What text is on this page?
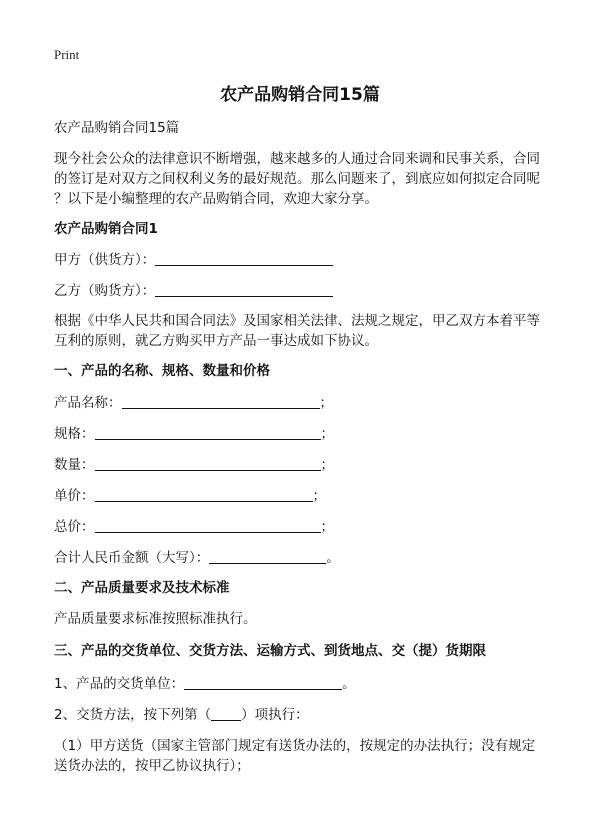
Print
农产品购销合同15篇
农产品购销合同15篇
现今社会公众的法律意识不断增强，越来越多的人通过合同来调和民事关系，合同
的签订是对双方之间权利义务的最好规范。那么问题来了，到底应如何拟定合同呢
？以下是小编整理的农产品购销合同，欢迎大家分享。
农产品购销合同1
甲方（供货方）：
乙方（购货方）：
根据《中华人民共和国合同法》及国家相关法律、法规之规定，甲乙双方本着平等
互利的原则，就乙方购买甲方产品一事达成如下协议。
一、产品的名称、规格、数量和价格
产品名称：	；
规格：	；
数量：	；
单价：	；
总价：	；
合计人民币金额（大写）：	。
二、产品质量要求及技术标准
产品质量要求标准按照标准执行。
三、产品的交货单位、交货方法、运输方式、到货地点、交（提）货期限
1、产品的交货单位：	。
2、交货方法，按下列第（ ）项执行：
（1）甲方送货（国家主管部门规定有送货办法的，按规定的办法执行；没有规定
送货办法的，按甲乙协议执行）；
